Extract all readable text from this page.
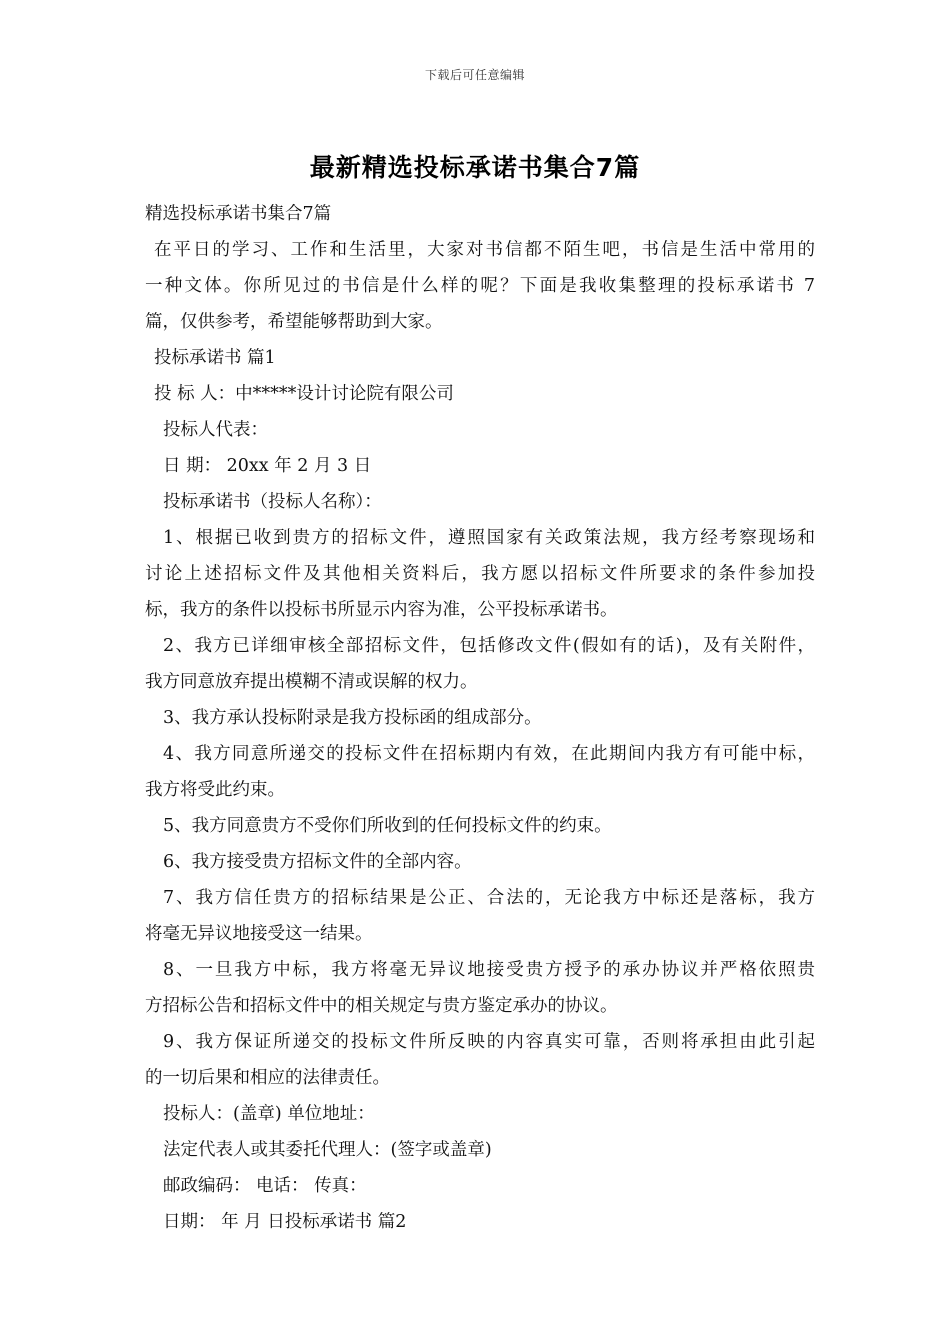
下载后可任意编辑
最新精选投标承诺书集合7篇
精选投标承诺书集合7篇
在平日的学习、工作和生活里，大家对书信都不陌生吧，书信是生活中常用的
一种文体。你所见过的书信是什么样的呢？下面是我收集整理的投标承诺书 7
篇，仅供参考，希望能够帮助到大家。
投标承诺书 篇1
投 标 人：中*****设计讨论院有限公司
投标人代表：
日 期： 20xx 年 2 月 3 日
投标承诺书（投标人名称）：
1、根据已收到贵方的招标文件，遵照国家有关政策法规，我方经考察现场和
讨论上述招标文件及其他相关资料后，我方愿以招标文件所要求的条件参加投
标，我方的条件以投标书所显示内容为准，公平投标承诺书。
2、我方已详细审核全部招标文件，包括修改文件(假如有的话)，及有关附件，
我方同意放弃提出模糊不清或误解的权力。
3、我方承认投标附录是我方投标函的组成部分。
4、我方同意所递交的投标文件在招标期内有效，在此期间内我方有可能中标，
我方将受此约束。
5、我方同意贵方不受你们所收到的任何投标文件的约束。
6、我方接受贵方招标文件的全部内容。
7、我方信任贵方的招标结果是公正、合法的，无论我方中标还是落标，我方
将毫无异议地接受这一结果。
8、一旦我方中标，我方将毫无异议地接受贵方授予的承办协议并严格依照贵
方招标公告和招标文件中的相关规定与贵方鉴定承办的协议。
9、我方保证所递交的投标文件所反映的内容真实可靠，否则将承担由此引起
的一切后果和相应的法律责任。
投标人：(盖章) 单位地址：
法定代表人或其委托代理人：(签字或盖章)
邮政编码： 电话： 传真：
日期： 年 月 日投标承诺书 篇2
